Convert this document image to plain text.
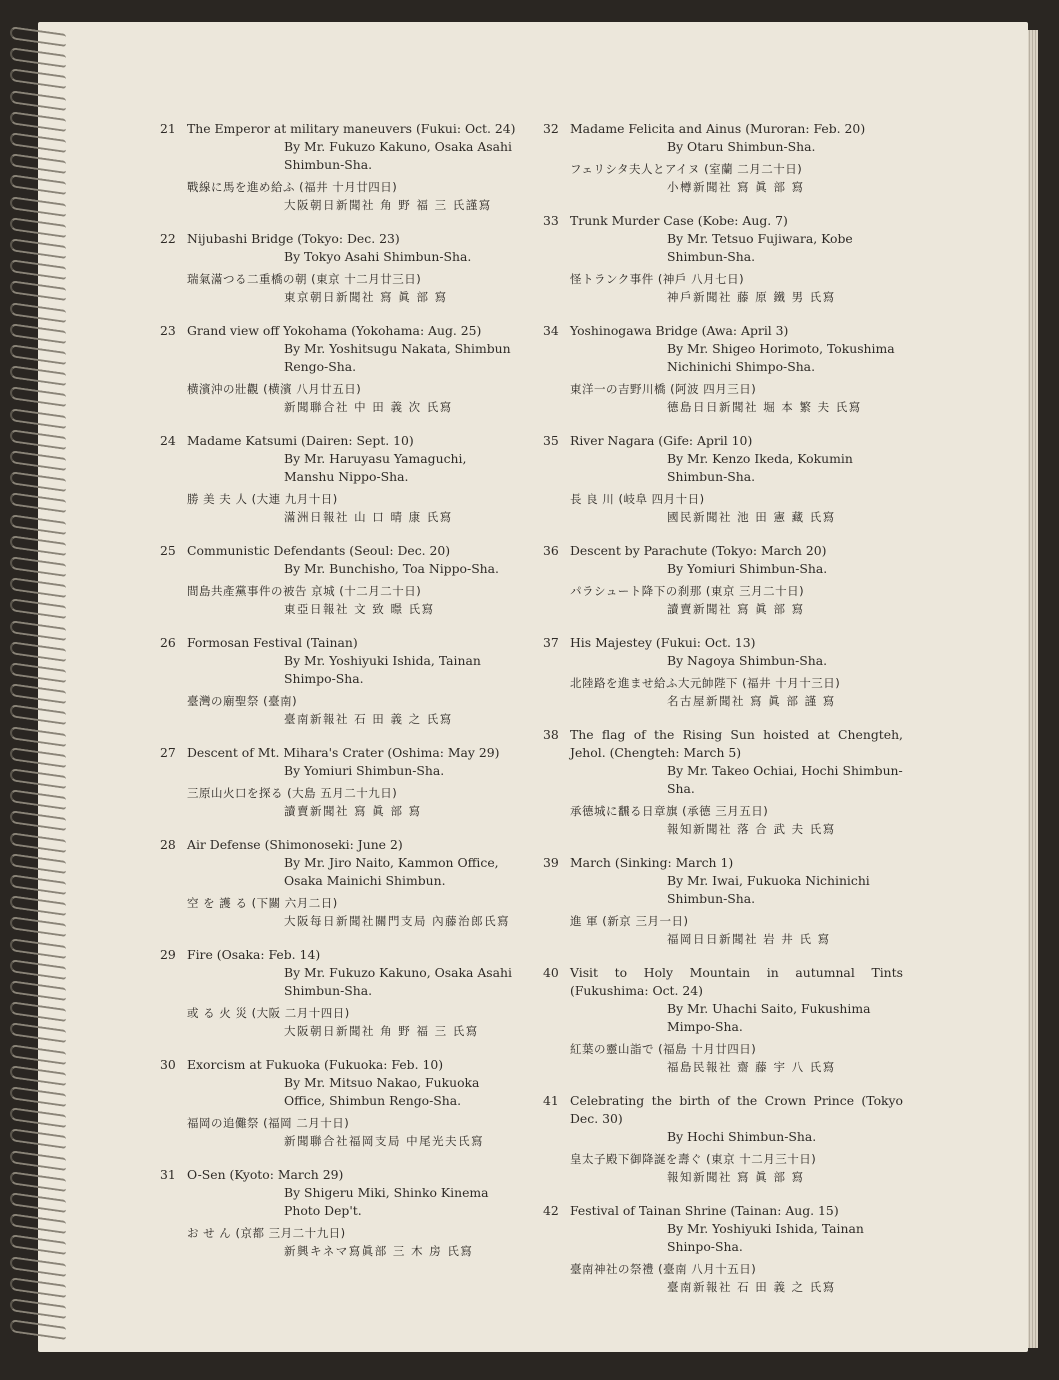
21 The Emperor at military maneuvers (Fukui: Oct. 24)
By Mr. Fukuzo Kakuno, Osaka Asahi Shimbun-Sha.
戰線に馬を進め給ふ (福井 十月廿四日)
大阪朝日新聞社 角 野 福 三 氏謹寫
22 Nijubashi Bridge (Tokyo: Dec. 23)
By Tokyo Asahi Shimbun-Sha.
瑞氣滿つる二重橋の朝 (東京 十二月廿三日)
東京朝日新聞社 寫 眞 部 寫
23 Grand view off Yokohama (Yokohama: Aug. 25)
By Mr. Yoshitsugu Nakata, Shimbun Rengo-Sha.
横濱沖の壯觀 (横濱 八月廿五日)
新聞聯合社 中 田 義 次 氏寫
24 Madame Katsumi (Dairen: Sept. 10)
By Mr. Haruyasu Yamaguchi, Manshu Nippo-Sha.
勝 美 夫 人 (大連 九月十日)
滿洲日報社 山 口 晴 康 氏寫
25 Communistic Defendants (Seoul: Dec. 20)
By Mr. Bunchisho, Toa Nippo-Sha.
間島共產黨事件の被告 京城 (十二月二十日)
東亞日報社 文 致 暻 氏寫
26 Formosan Festival (Tainan)
By Mr. Yoshiyuki Ishida, Tainan Shimpo-Sha.
臺灣の廟聖祭 (臺南)
臺南新報社 石 田 義 之 氏寫
27 Descent of Mt. Mihara's Crater (Oshima: May 29)
By Yomiuri Shimbun-Sha.
三原山火口を探る (大島 五月二十九日)
讀賣新聞社 寫 眞 部 寫
28 Air Defense (Shimonoseki: June 2)
By Mr. Jiro Naito, Kammon Office, Osaka Mainichi Shimbun.
空 を 護 る (下關 六月二日)
大阪每日新聞社關門支局 內藤治郎氏寫
29 Fire (Osaka: Feb. 14)
By Mr. Fukuzo Kakuno, Osaka Asahi Shimbun-Sha.
或 る 火 災 (大阪 二月十四日)
大阪朝日新聞社 角 野 福 三 氏寫
30 Exorcism at Fukuoka (Fukuoka: Feb. 10)
By Mr. Mitsuo Nakao, Fukuoka Office, Shimbun Rengo-Sha.
福岡の追儺祭 (福岡 二月十日)
新聞聯合社福岡支局 中尾光夫氏寫
31 O-Sen (Kyoto: March 29)
By Shigeru Miki, Shinko Kinema Photo Dep't.
お せ ん (京都 三月二十九日)
新興キネマ寫眞部 三 木 房 氏寫
32 Madame Felicita and Ainus (Muroran: Feb. 20)
By Otaru Shimbun-Sha.
フェリシタ夫人とアイヌ (室蘭 二月二十日)
小樽新聞社 寫 眞 部 寫
33 Trunk Murder Case (Kobe: Aug. 7)
By Mr. Tetsuo Fujiwara, Kobe Shimbun-Sha.
怪トランク事件 (神戶 八月七日)
神戶新聞社 藤 原 鐵 男 氏寫
34 Yoshinogawa Bridge (Awa: April 3)
By Mr. Shigeo Horimoto, Tokushima Nichinichi Shimpo-Sha.
東洋一の吉野川橋 (阿波 四月三日)
德島日日新聞社 堀 本 繁 夫 氏寫
35 River Nagara (Gife: April 10)
By Mr. Kenzo Ikeda, Kokumin Shimbun-Sha.
長 良 川 (岐阜 四月十日)
國民新聞社 池 田 憲 藏 氏寫
36 Descent by Parachute (Tokyo: March 20)
By Yomiuri Shimbun-Sha.
パラシュート降下の刹那 (東京 三月二十日)
讀賣新聞社 寫 眞 部 寫
37 His Majestey (Fukui: Oct. 13)
By Nagoya Shimbun-Sha.
北陸路を進ませ給ふ大元帥陛下 (福井 十月十三日)
名古屋新聞社 寫 眞 部 謹 寫
38 The flag of the Rising Sun hoisted at Chengteh, Jehol. (Chengteh: March 5)
By Mr. Takeo Ochiai, Hochi Shimbun-Sha.
承德城に飜る日章旗 (承德 三月五日)
報知新聞社 落 合 武 夫 氏寫
39 March (Sinking: March 1)
By Mr. Iwai, Fukuoka Nichinichi Shimbun-Sha.
進 軍 (新京 三月一日)
福岡日日新聞社 岩 井 氏 寫
40 Visit to Holy Mountain in autumnal Tints (Fukushima: Oct. 24)
By Mr. Uhachi Saito, Fukushima Mimpo-Sha.
紅葉の靈山詣で (福島 十月廿四日)
福島民報社 齋 藤 宇 八 氏寫
41 Celebrating the birth of the Crown Prince (Tokyo Dec. 30)
By Hochi Shimbun-Sha.
皇太子殿下御降誕を壽ぐ (東京 十二月三十日)
報知新聞社 寫 眞 部 寫
42 Festival of Tainan Shrine (Tainan: Aug. 15)
By Mr. Yoshiyuki Ishida, Tainan Shinpo-Sha.
臺南神社の祭禮 (臺南 八月十五日)
臺南新報社 石 田 義 之 氏寫
